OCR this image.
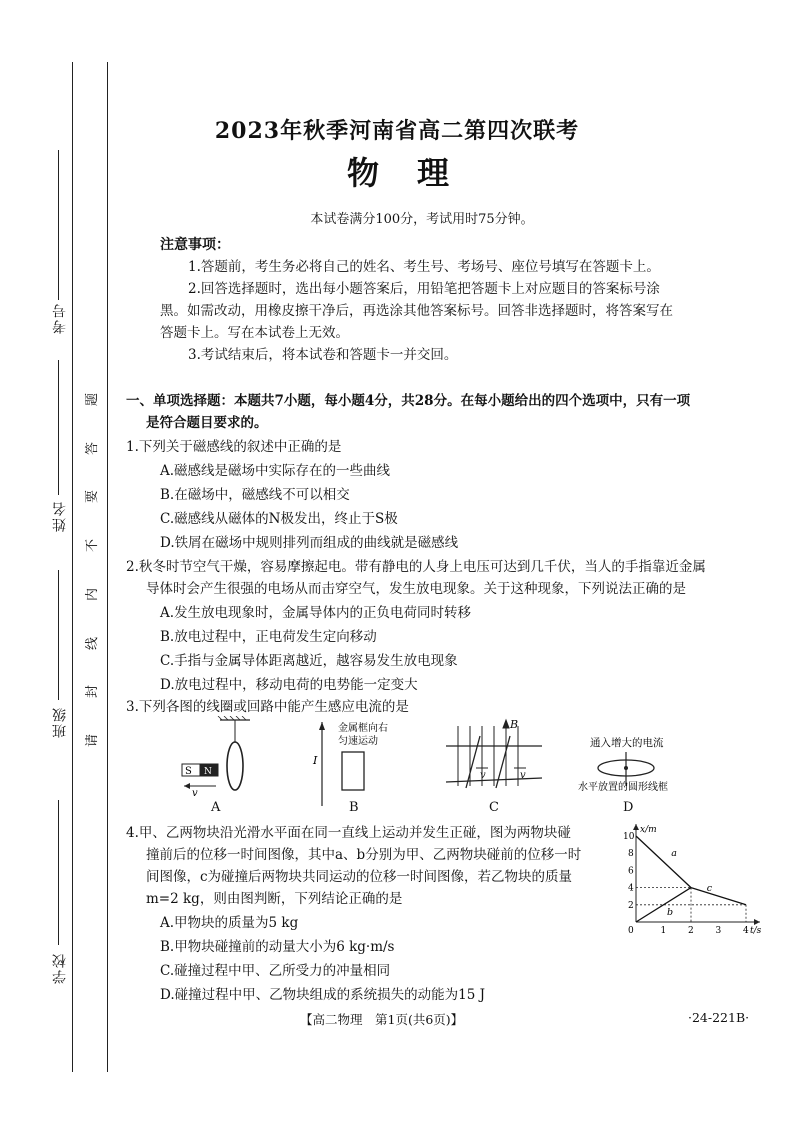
考号
姓名
班级
学校
题
答
要
不
内
线
封
请
2023年秋季河南省高二第四次联考
物理
本试卷满分100分，考试用时75分钟。
注意事项：
1.答题前，考生务必将自己的姓名、考生号、考场号、座位号填写在答题卡上。
2.回答选择题时，选出每小题答案后，用铅笔把答题卡上对应题目的答案标号涂
黑。如需改动，用橡皮擦干净后，再选涂其他答案标号。回答非选择题时，将答案写在
答题卡上。写在本试卷上无效。
3.考试结束后，将本试卷和答题卡一并交回。
一、单项选择题：本题共7小题，每小题4分，共28分。在每小题给出的四个选项中，只有一项
是符合题目要求的。
1.下列关于磁感线的叙述中正确的是
A.磁感线是磁场中实际存在的一些曲线
B.在磁场中，磁感线不可以相交
C.磁感线从磁体的N极发出，终止于S极
D.铁屑在磁场中规则排列而组成的曲线就是磁感线
2.秋冬时节空气干燥，容易摩擦起电。带有静电的人身上电压可达到几千伏，当人的手指靠近金属
导体时会产生很强的电场从而击穿空气，发生放电现象。关于这种现象，下列说法正确的是
A.发生放电现象时，金属导体内的正负电荷同时转移
B.放电过程中，正电荷发生定向移动
C.手指与金属导体距离越近，越容易发生放电现象
D.放电过程中，移动电荷的电势能一定变大
3.下列各图的线圈或回路中能产生感应电流的是
S N
v
I
金属框向右
匀速运动
B
v	v
通入增大的电流
水平放置的圆形线框
A	B	C	D
4.甲、乙两物块沿光滑水平面在同一直线上运动并发生正碰，图为两物块碰
撞前后的位移一时间图像，其中a、b分别为甲、乙两物块碰前的位移一时
间图像，c为碰撞后两物块共同运动的位移一时间图像，若乙物块的质量
m=2 kg，则由图判断，下列结论正确的是
A.甲物块的质量为5 kg
B.甲物块碰撞前的动量大小为6 kg·m/s
C.碰撞过程中甲、乙所受力的冲量相同
D.碰撞过程中甲、乙物块组成的系统损失的动能为15 J
x/m
t/s
0	1 2 3 4
2
4
6
8
10
a
b
c
【高二物理　第1页(共6页)】	·24-221B·
